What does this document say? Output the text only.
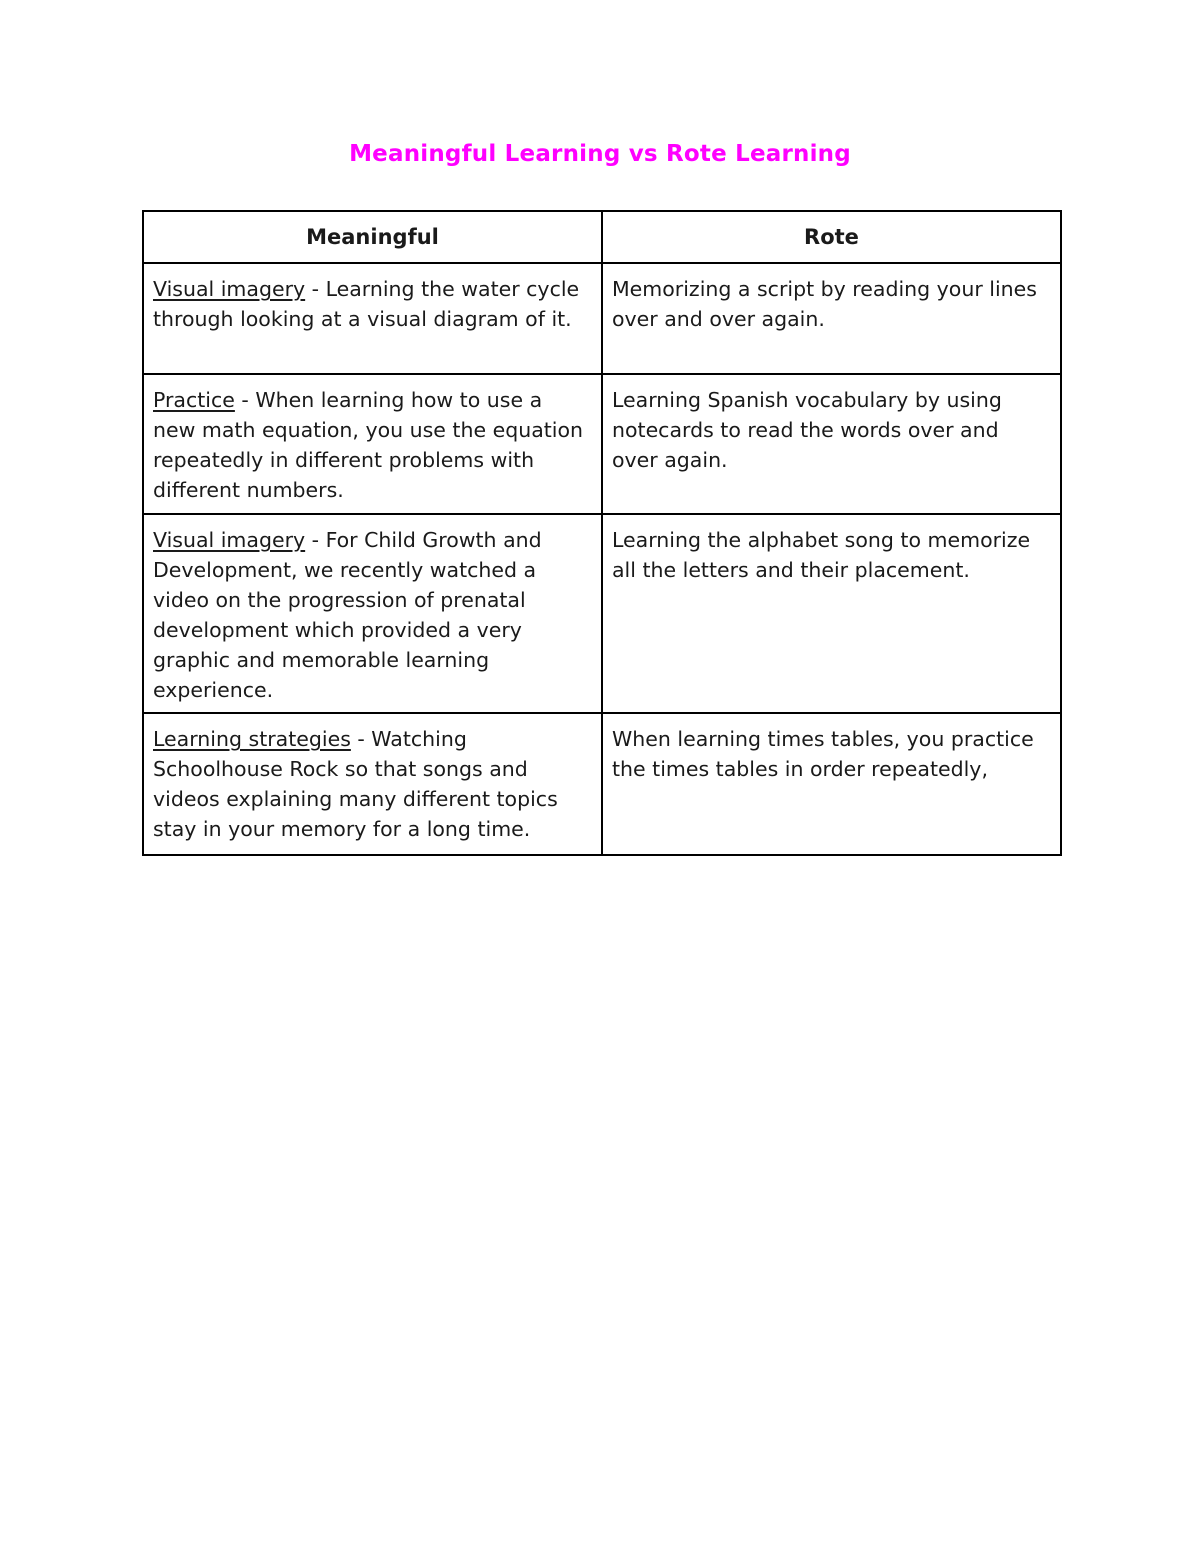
Meaningful Learning vs Rote Learning
Meaningful	Rote
Visual imagery - Learning the water cycle through looking at a visual diagram of it.	Memorizing a script by reading your lines over and over again.
Practice - When learning how to use a new math equation, you use the equation repeatedly in different problems with different numbers.	Learning Spanish vocabulary by using notecards to read the words over and over again.
Visual imagery - For Child Growth and Development, we recently watched a video on the progression of prenatal development which provided a very graphic and memorable learning experience.	Learning the alphabet song to memorize all the letters and their placement.
Learning strategies - Watching Schoolhouse Rock so that songs and videos explaining many different topics stay in your memory for a long time.	When learning times tables, you practice the times tables in order repeatedly,
